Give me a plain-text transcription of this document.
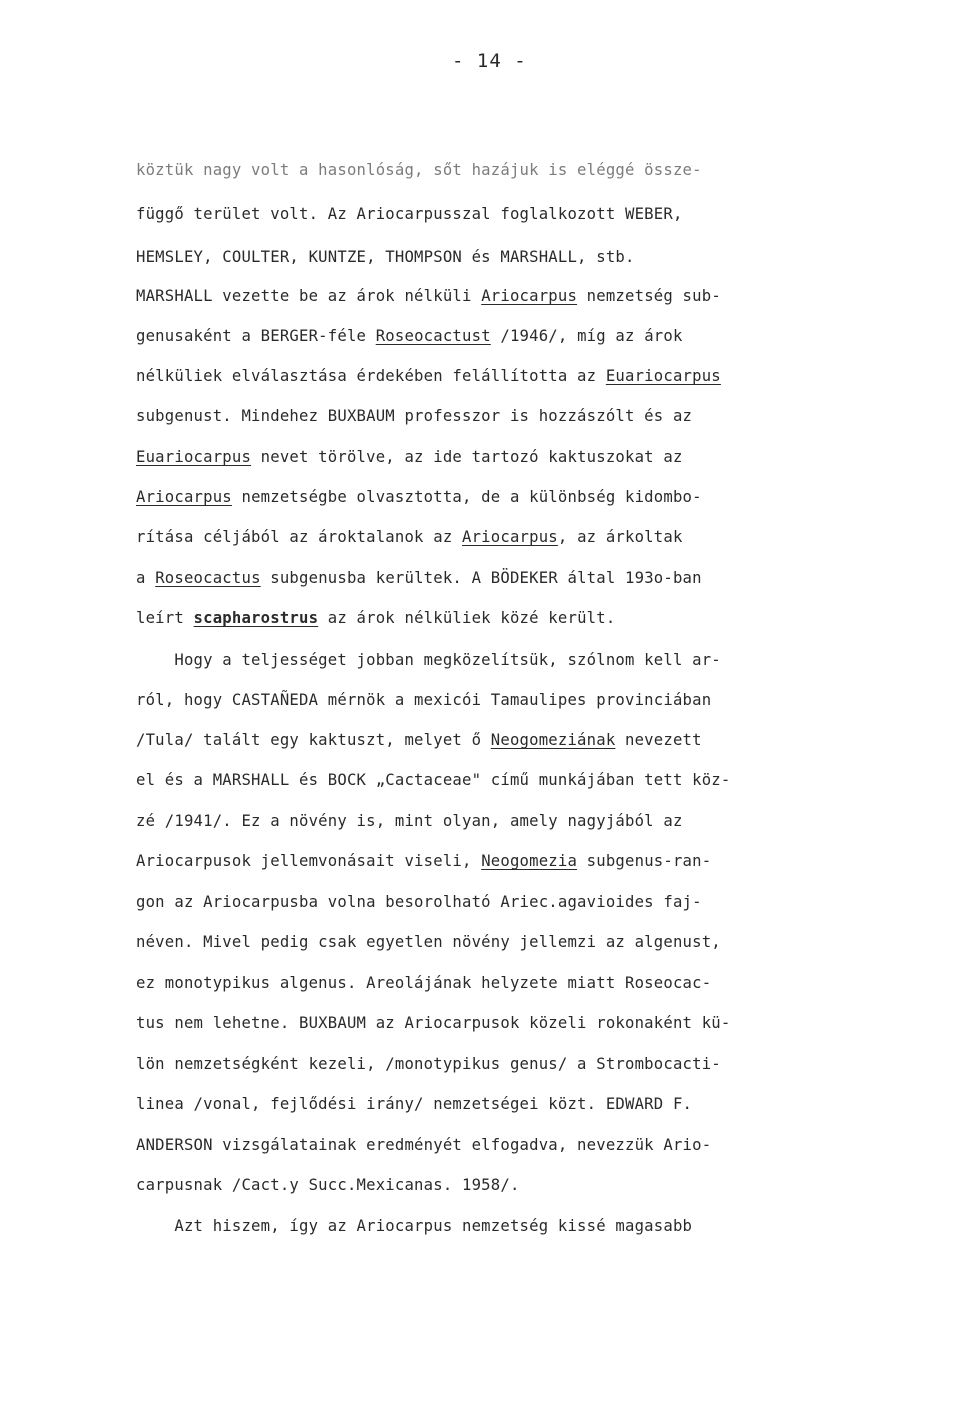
- 14 -
köztük nagy volt a hasonlóság, sőt hazájuk is eléggé össze-
függő terület volt. Az Ariocarpusszal foglalkozott WEBER,
HEMSLEY, COULTER, KUNTZE, THOMPSON és MARSHALL, stb.
MARSHALL vezette be az árok nélküli Ariocarpus nemzetség sub-
genusaként a BERGER-féle Roseocactust /1946/, míg az árok
nélküliek elválasztása érdekében felállította az Euariocarpus
subgenust. Mindehez BUXBAUM professzor is hozzászólt és az
Euariocarpus nevet törölve, az ide tartozó kaktuszokat az
Ariocarpus nemzetségbe olvasztotta, de a különbség kidombo-
rítása céljából az ároktalanok az Ariocarpus, az árkoltak
a Roseocactus subgenusba kerültek. A BÖDEKER által 193o-ban
leírt scapharostrus az árok nélküliek közé került.
Hogy a teljességet jobban megközelítsük, szólnom kell ar-
ról, hogy CASTAÑEDA mérnök a mexicói Tamaulipes provinciában
/Tula/ talált egy kaktuszt, melyet ő Neogomeziának nevezett
el és a MARSHALL és BOCK „Cactaceae" című munkájában tett köz-
zé /1941/. Ez a növény is, mint olyan, amely nagyjából az
Ariocarpusok jellemvonásait viseli, Neogomezia subgenus-ran-
gon az Ariocarpusba volna besorolható Ariec.agavioides faj-
néven. Mivel pedig csak egyetlen növény jellemzi az algenust,
ez monotypikus algenus. Areolájának helyzete miatt Roseocac-
tus nem lehetne. BUXBAUM az Ariocarpusok közeli rokonaként kü-
lön nemzetségként kezeli, /monotypikus genus/ a Strombocacti-
linea /vonal, fejlődési irány/ nemzetségei közt. EDWARD F.
ANDERSON vizsgálatainak eredményét elfogadva, nevezzük Ario-
carpusnak /Cact.y Succ.Mexicanas. 1958/.
Azt hiszem, így az Ariocarpus nemzetség kissé magasabb
